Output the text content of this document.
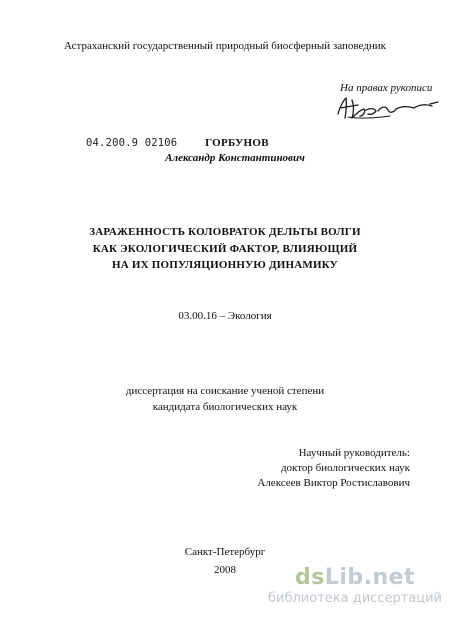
Астраханский государственный природный биосферный заповедник
На правах рукописи
04.200.9 02106	ГОРБУНОВ
Александр Константинович
ЗАРАЖЕННОСТЬ КОЛОВРАТОК ДЕЛЬТЫ ВОЛГИ
КАК ЭКОЛОГИЧЕСКИЙ ФАКТОР, ВЛИЯЮЩИЙ
НА ИХ ПОПУЛЯЦИОННУЮ ДИНАМИКУ
03.00.16 – Экология
диссертация на соискание ученой степени
кандидата биологических наук
Научный руководитель:
доктор биологических наук
Алексеев Виктор Ростиславович
Санкт-Петербург
2008	dsLib.net
библиотека диссертаций
